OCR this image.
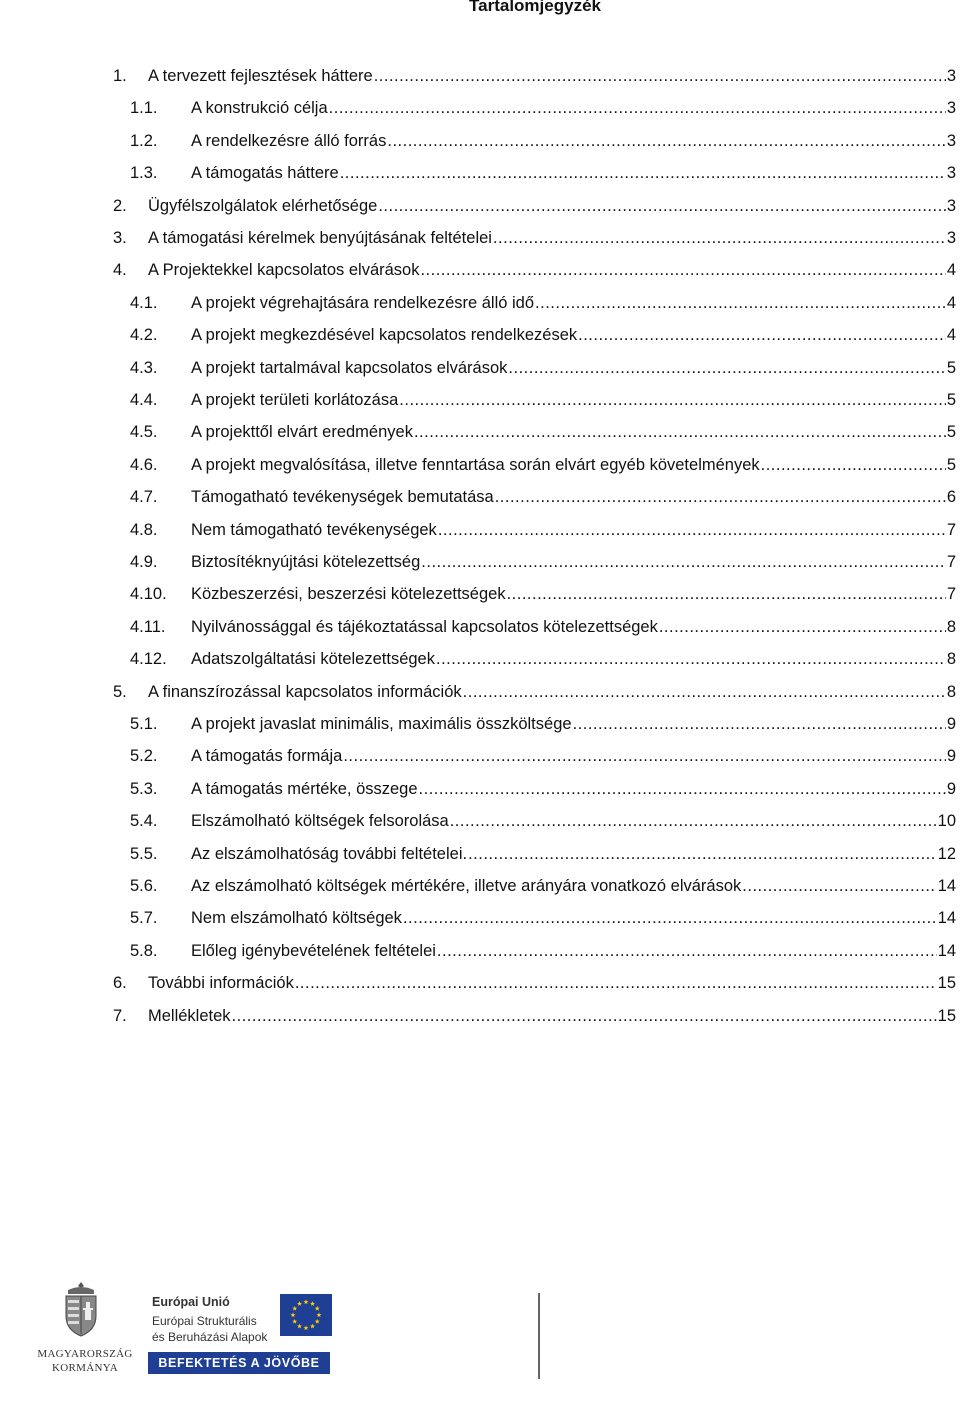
Tartalomjegyzék
1. A tervezett fejlesztések háttere .....	3
1.1. A konstrukció célja .....	3
1.2. A rendelkezésre álló forrás .....	3
1.3. A támogatás háttere .....	3
2. Ügyfélszolgálatok elérhetősége .....	3
3. A támogatási kérelmek benyújtásának feltételei .....	3
4. A Projektekkel kapcsolatos elvárások .....	4
4.1. A projekt végrehajtására rendelkezésre álló idő .....	4
4.2. A projekt megkezdésével kapcsolatos rendelkezések .....	4
4.3. A projekt tartalmával kapcsolatos elvárások .....	5
4.4. A projekt területi korlátozása .....	5
4.5. A projekttől elvárt eredmények .....	5
4.6. A projekt megvalósítása, illetve fenntartása során elvárt egyéb követelmények .....	5
4.7. Támogatható tevékenységek bemutatása .....	6
4.8. Nem támogatható tevékenységek .....	7
4.9. Biztosítéknyújtási kötelezettség .....	7
4.10. Közbeszerzési, beszerzési kötelezettségek .....	7
4.11. Nyilvánossággal és tájékoztatással kapcsolatos kötelezettségek .....	8
4.12. Adatszolgáltatási kötelezettségek .....	8
5. A finanszírozással kapcsolatos információk .....	8
5.1. A projekt javaslat minimális, maximális összköltsége .....	9
5.2. A támogatás formája .....	9
5.3. A támogatás mértéke, összege .....	9
5.4. Elszámolható költségek felsorolása .....	10
5.5. Az elszámolhatóság további feltételei. .....	12
5.6. Az elszámolható költségek mértékére, illetve arányára vonatkozó elvárások .....	14
5.7. Nem elszámolható költségek .....	14
5.8. Előleg igénybevételének feltételei .....	14
6. További információk .....	15
7. Mellékletek .....	15
MAGYARORSZÁG
KORMÁNYA
Európai Unió
Európai Strukturális
és Beruházási Alapok
BEFEKTETÉS A JÖVŐBE
